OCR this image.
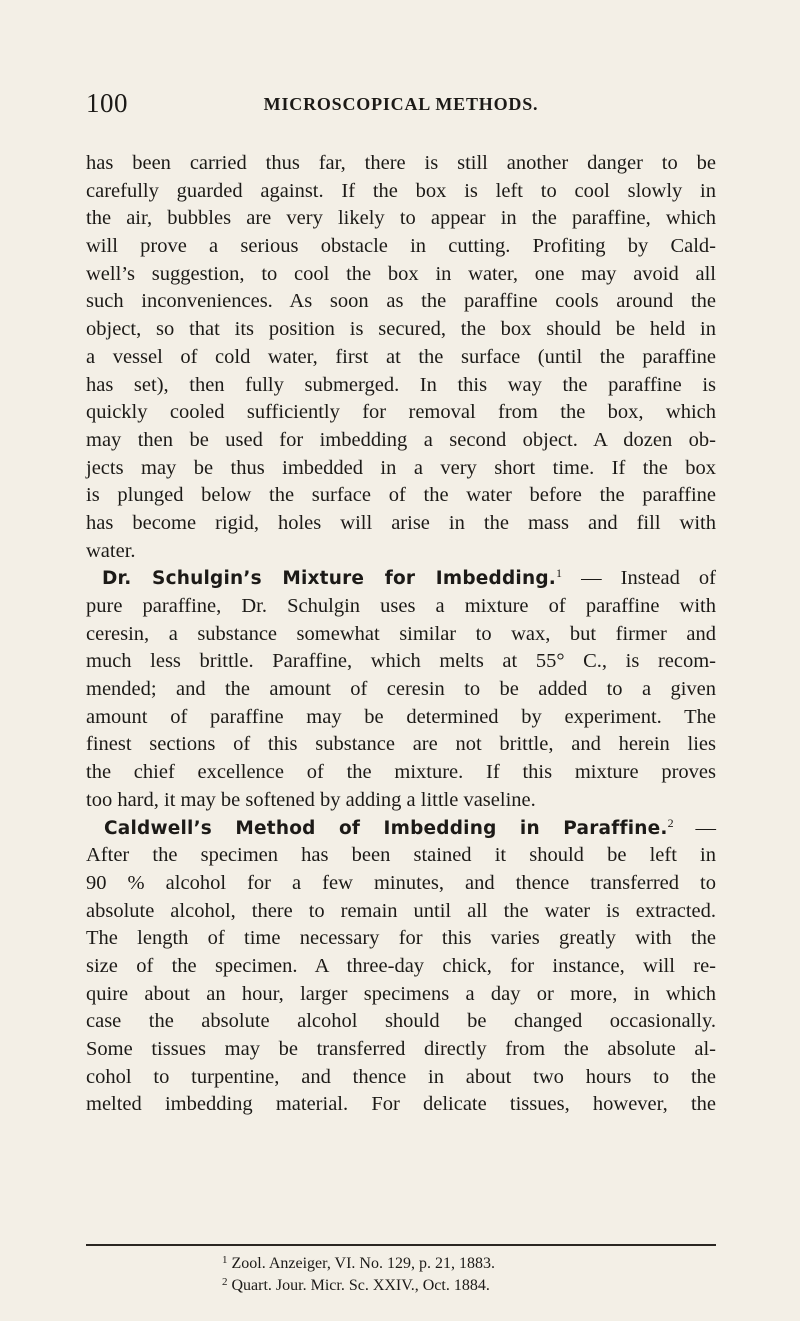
100	MICROSCOPICAL METHODS.
has been carried thus far, there is still another danger to be
carefully guarded against. If the box is left to cool slowly in
the air, bubbles are very likely to appear in the paraffine, which
will prove a serious obstacle in cutting. Profiting by Cald-
well’s suggestion, to cool the box in water, one may avoid all
such inconveniences. As soon as the paraffine cools around the
object, so that its position is secured, the box should be held in
a vessel of cold water, first at the surface (until the paraffine
has set), then fully submerged. In this way the paraffine is
quickly cooled sufficiently for removal from the box, which
may then be used for imbedding a second object. A dozen ob-
jects may be thus imbedded in a very short time. If the box
is plunged below the surface of the water before the paraffine
has become rigid, holes will arise in the mass and fill with
water.
Dr. Schulgin’s Mixture for Imbedding.$^1$ — Instead of
pure paraffine, Dr. Schulgin uses a mixture of paraffine with
ceresin, a substance somewhat similar to wax, but firmer and
much less brittle. Paraffine, which melts at 55° C., is recom-
mended; and the amount of ceresin to be added to a given
amount of paraffine may be determined by experiment. The
finest sections of this substance are not brittle, and herein lies
the chief excellence of the mixture. If this mixture proves
too hard, it may be softened by adding a little vaseline.
Caldwell’s Method of Imbedding in Paraffine.$^2$ —
After the specimen has been stained it should be left in
90 % alcohol for a few minutes, and thence transferred to
absolute alcohol, there to remain until all the water is extracted.
The length of time necessary for this varies greatly with the
size of the specimen. A three-day chick, for instance, will re-
quire about an hour, larger specimens a day or more, in which
case the absolute alcohol should be changed occasionally.
Some tissues may be transferred directly from the absolute al-
cohol to turpentine, and thence in about two hours to the
melted imbedding material. For delicate tissues, however, the
$^1$ Zool. Anzeiger, VI. No. 129, p. 21, 1883.
$^2$ Quart. Jour. Micr. Sc. XXIV., Oct. 1884.
